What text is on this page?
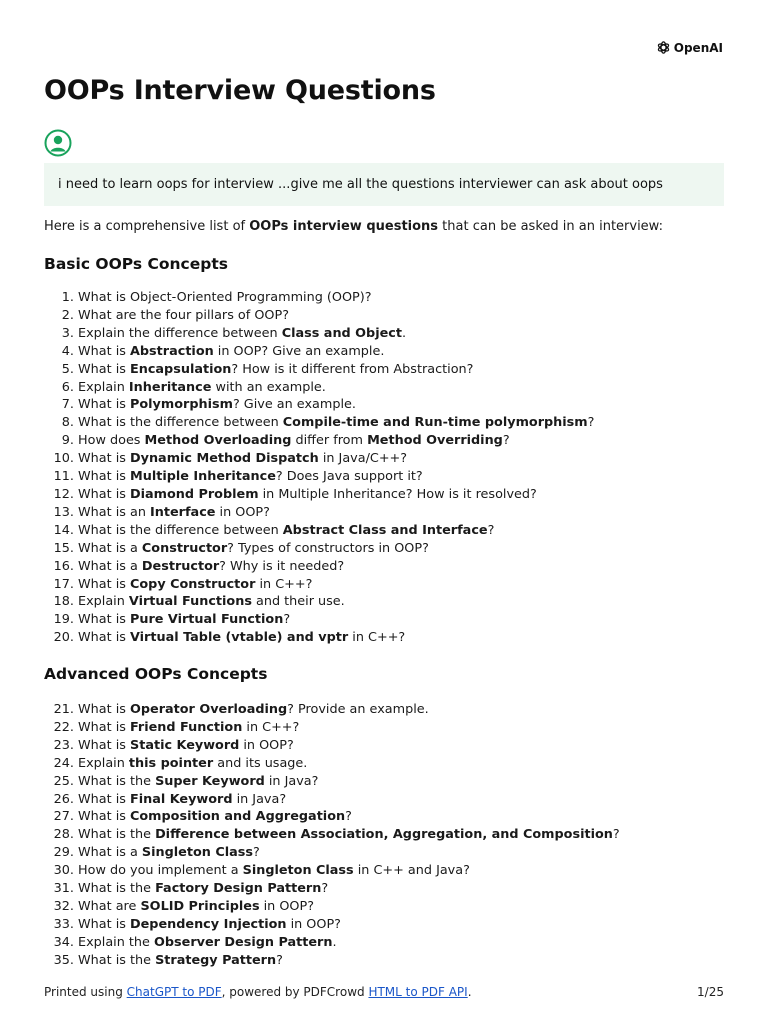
OpenAI
OOPs Interview Questions
i need to learn oops for interview ...give me all the questions interviewer can ask about oops

Here is a comprehensive list of OOPs interview questions that can be asked in an interview:

Basic OOPs Concepts
1. What is Object-Oriented Programming (OOP)?
2. What are the four pillars of OOP?
3. Explain the difference between Class and Object.
4. What is Abstraction in OOP? Give an example.
5. What is Encapsulation? How is it different from Abstraction?
6. Explain Inheritance with an example.
7. What is Polymorphism? Give an example.
8. What is the difference between Compile-time and Run-time polymorphism?
9. How does Method Overloading differ from Method Overriding?
10. What is Dynamic Method Dispatch in Java/C++?
11. What is Multiple Inheritance? Does Java support it?
12. What is Diamond Problem in Multiple Inheritance? How is it resolved?
13. What is an Interface in OOP?
14. What is the difference between Abstract Class and Interface?
15. What is a Constructor? Types of constructors in OOP?
16. What is a Destructor? Why is it needed?
17. What is Copy Constructor in C++?
18. Explain Virtual Functions and their use.
19. What is Pure Virtual Function?
20. What is Virtual Table (vtable) and vptr in C++?
Advanced OOPs Concepts
21. What is Operator Overloading? Provide an example.
22. What is Friend Function in C++?
23. What is Static Keyword in OOP?
24. Explain this pointer and its usage.
25. What is the Super Keyword in Java?
26. What is Final Keyword in Java?
27. What is Composition and Aggregation?
28. What is the Difference between Association, Aggregation, and Composition?
29. What is a Singleton Class?
30. How do you implement a Singleton Class in C++ and Java?
31. What is the Factory Design Pattern?
32. What are SOLID Principles in OOP?
33. What is Dependency Injection in OOP?
34. Explain the Observer Design Pattern.
35. What is the Strategy Pattern?
Printed using ChatGPT to PDF, powered by PDFCrowd HTML to PDF API.	1/25
